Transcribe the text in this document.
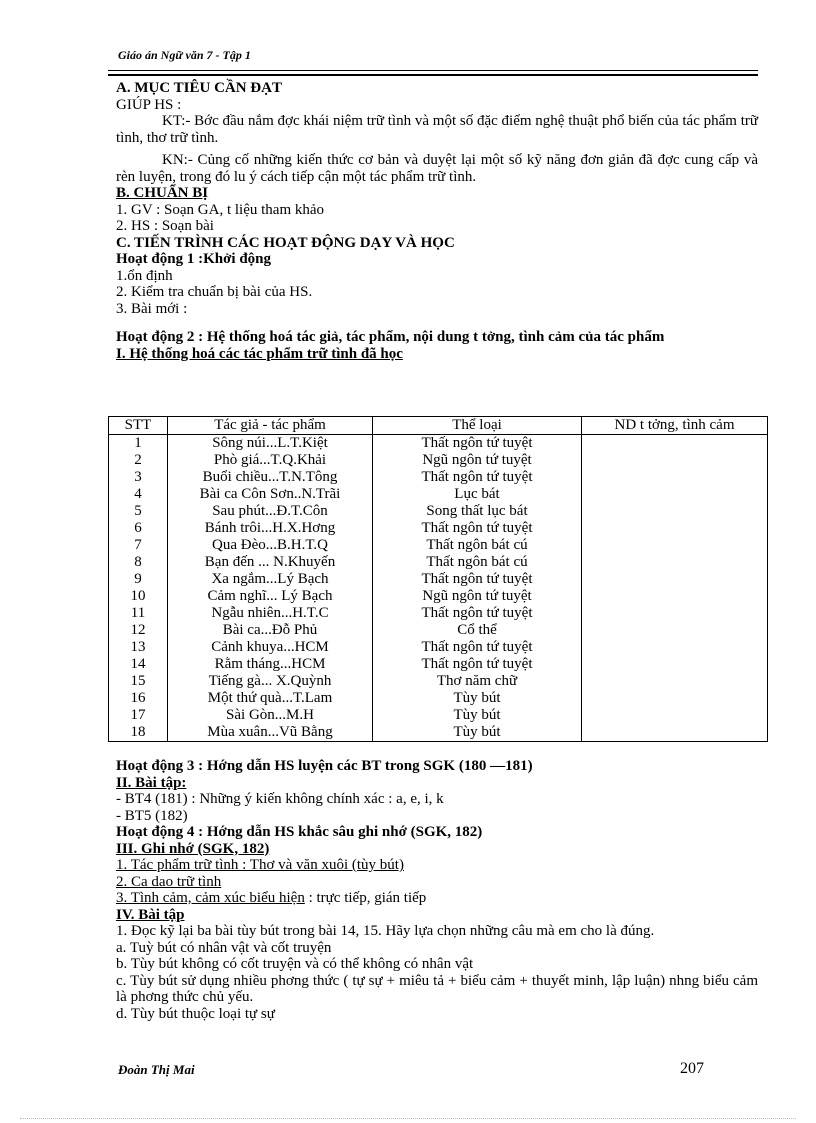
Giáo án Ngữ văn 7 - Tập 1

A. MỤC TIÊU CẦN ĐẠT

GIÚP HS :

KT:- Bớc đầu nắm đợc khái niệm trữ tình và một số đặc điểm nghệ thuật phổ biến của tác phẩm trữ tình, thơ trữ tình.

KN:- Củng cố những kiến thức cơ bản và duyệt lại một số kỹ năng đơn giản đã đợc cung cấp và rèn luyện, trong đó lu ý cách tiếp cận một tác phẩm trữ tình.

B. CHUẨN BỊ

1. GV : Soạn GA, t liệu tham khảo

2. HS : Soạn bài

C. TIẾN TRÌNH CÁC HOẠT ĐỘNG DẠY VÀ HỌC

Hoạt động 1 :Khởi động

1.ổn định

2. Kiểm tra chuẩn bị bài của HS.

3. Bài mới :

Hoạt động 2 : Hệ thống hoá tác giả, tác phẩm, nội dung t tởng, tình cảm của tác phẩm

I. Hệ thống hoá các tác phẩm trữ tình đã học

STT	Tác giả - tác phẩm	Thể loại	ND t tởng, tình cảm
1	Sông núi...L.T.Kiệt	Thất ngôn tứ tuyệt	
2	Phò giá...T.Q.Khải	Ngũ ngôn tứ tuyệt	
3	Buổi chiều...T.N.Tông	Thất ngôn tứ tuyệt	
4	Bài ca Côn Sơn..N.Trãi	Lục bát	
5	Sau phút...Đ.T.Côn	Song thất lục bát	
6	Bánh trôi...H.X.Hơng	Thất ngôn tứ tuyệt	
7	Qua Đèo...B.H.T.Q	Thất ngôn bát cú	
8	Bạn đến ... N.Khuyến	Thất ngôn bát cú	
9	Xa ngắm...Lý Bạch	Thất ngôn tứ tuyệt	
10	Cảm nghĩ... Lý Bạch	Ngũ ngôn tứ tuyệt	
11	Ngẫu nhiên...H.T.C	Thất ngôn tứ tuyệt	
12	Bài ca...Đỗ Phủ	Cổ thể	
13	Cảnh khuya...HCM	Thất ngôn tứ tuyệt	
14	Rằm tháng...HCM	Thất ngôn tứ tuyệt	
15	Tiếng gà... X.Quỳnh	Thơ năm chữ	
16	Một thứ quà...T.Lam	Tùy bút	
17	Sài Gòn...M.H	Tùy bút	
18	Mùa xuân...Vũ Bằng	Tùy bút	

Hoạt động 3 : Hớng dẫn HS luyện các BT trong SGK (180 —181)

II. Bài tập:

- BT4 (181) : Những ý kiến không chính xác : a, e, i, k

- BT5 (182)

Hoạt động 4 : Hớng dẫn HS khắc sâu ghi nhớ (SGK, 182)

III. Ghi nhớ (SGK, 182)

1. Tác phẩm trữ tình : Thơ và văn xuôi (tùy bút)

2. Ca dao trữ tình

3. Tình cảm, cảm xúc biểu hiện : trực tiếp, gián tiếp

IV. Bài tập

1. Đọc kỹ lại ba bài tùy bút trong bài 14, 15. Hãy lựa chọn những câu mà em cho là đúng.

a. Tuỳ bút có nhân vật và cốt truyện

b. Tùy bút không có cốt truyện và có thể không có nhân vật

c. Tùy bút sử dụng nhiều phơng thức ( tự sự + miêu tả + biểu cảm + thuyết minh, lập luận) nhng biểu cảm là phơng thức chủ yếu.

d. Tùy bút thuộc loại tự sự

Đoàn Thị Mai	207
